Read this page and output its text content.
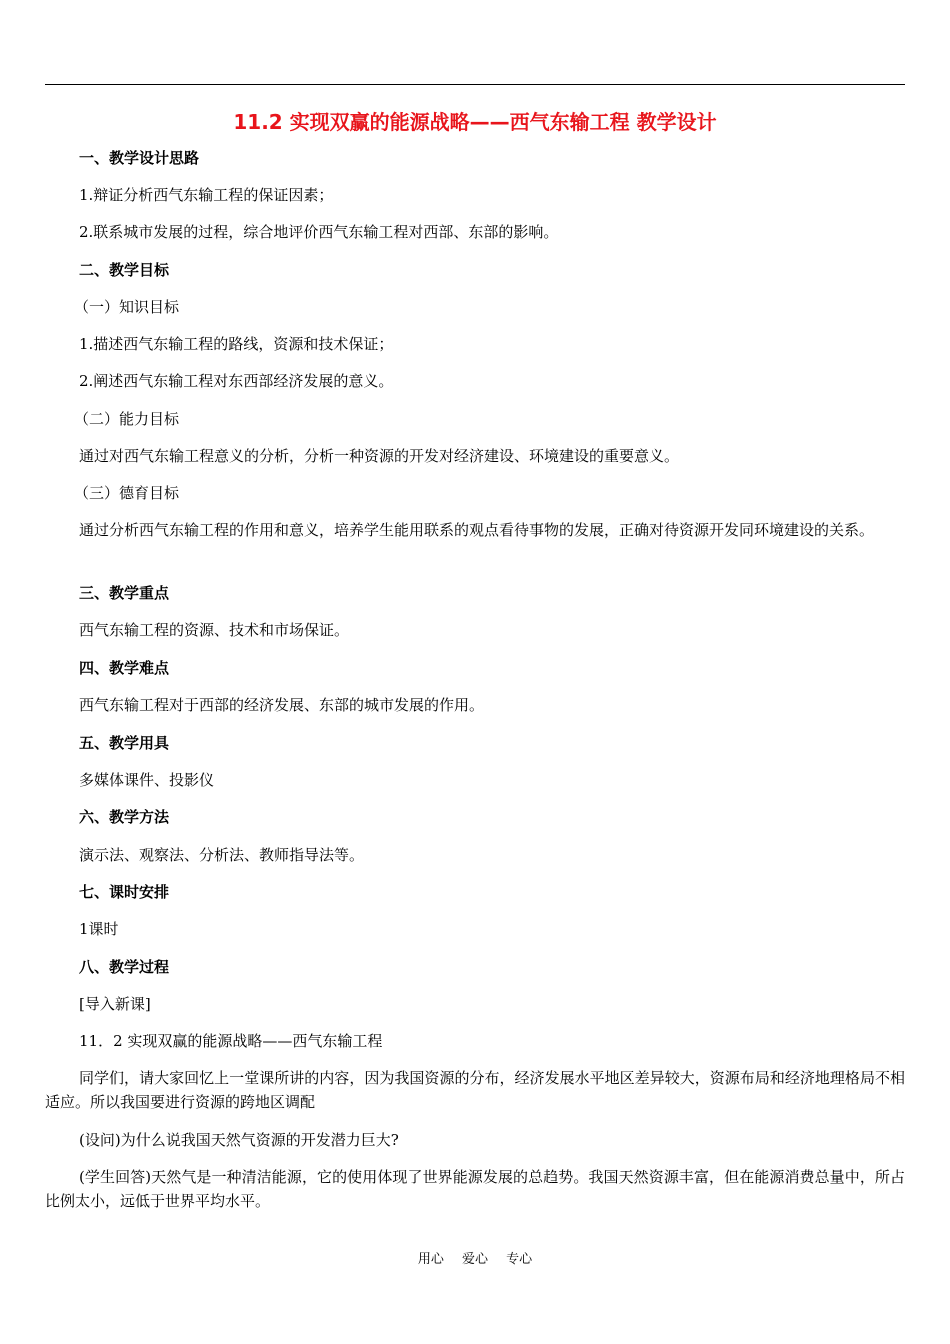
11.2 实现双赢的能源战略——西气东输工程 教学设计
一、教学设计思路
1.辩证分析西气东输工程的保证因素；
2.联系城市发展的过程，综合地评价西气东输工程对西部、东部的影响。
二、教学目标
（一）知识目标
1.描述西气东输工程的路线，资源和技术保证；
2.阐述西气东输工程对东西部经济发展的意义。
（二）能力目标
通过对西气东输工程意义的分析，分析一种资源的开发对经济建设、环境建设的重要意义。
（三）德育目标
通过分析西气东输工程的作用和意义，培养学生能用联系的观点看待事物的发展，正确对待资源开发同环境建设的关系。
三、教学重点
西气东输工程的资源、技术和市场保证。
四、教学难点
西气东输工程对于西部的经济发展、东部的城市发展的作用。
五、教学用具
多媒体课件、投影仪
六、教学方法
演示法、观察法、分析法、教师指导法等。
七、课时安排
1课时
八、教学过程
[导入新课]
11．2 实现双赢的能源战略——西气东输工程
同学们，请大家回忆上一堂课所讲的内容，因为我国资源的分布，经济发展水平地区差异较大，资源布局和经济地理格局不相适应。所以我国要进行资源的跨地区调配
(设问)为什么说我国天然气资源的开发潜力巨大?
(学生回答)天然气是一种清洁能源，它的使用体现了世界能源发展的总趋势。我国天然资源丰富，但在能源消费总量中，所占比例太小，远低于世界平均水平。
用心 爱心 专心
